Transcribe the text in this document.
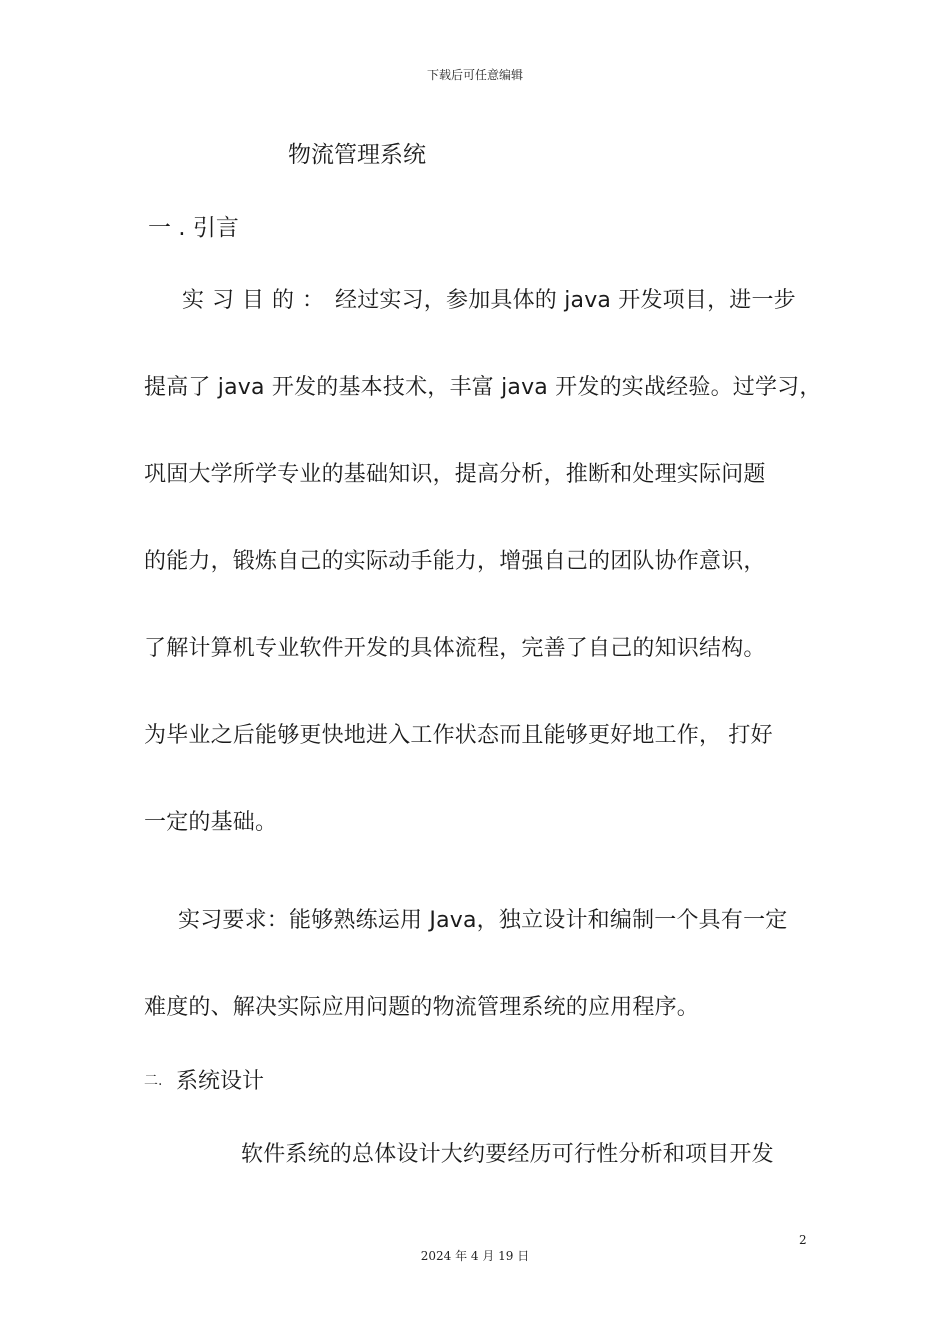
下载后可任意编辑
物流管理系统
一 . 引言
实习目的： 经过实习，参加具体的 java 开发项目，进一步
提高了 java 开发的基本技术，丰富 java 开发的实战经验。过学习，
巩固大学所学专业的基础知识，提高分析，推断和处理实际问题
的能力，锻炼自己的实际动手能力，增强自己的团队协作意识，
了解计算机专业软件开发的具体流程，完善了自己的知识结构。
为毕业之后能够更快地进入工作状态而且能够更好地工作， 打好
一定的基础。
实习要求：能够熟练运用 Java，独立设计和编制一个具有一定
难度的、解决实际应用问题的物流管理系统的应用程序。
二. 系统设计
软件系统的总体设计大约要经历可行性分析和项目开发
2
2024 年 4 月 19 日
